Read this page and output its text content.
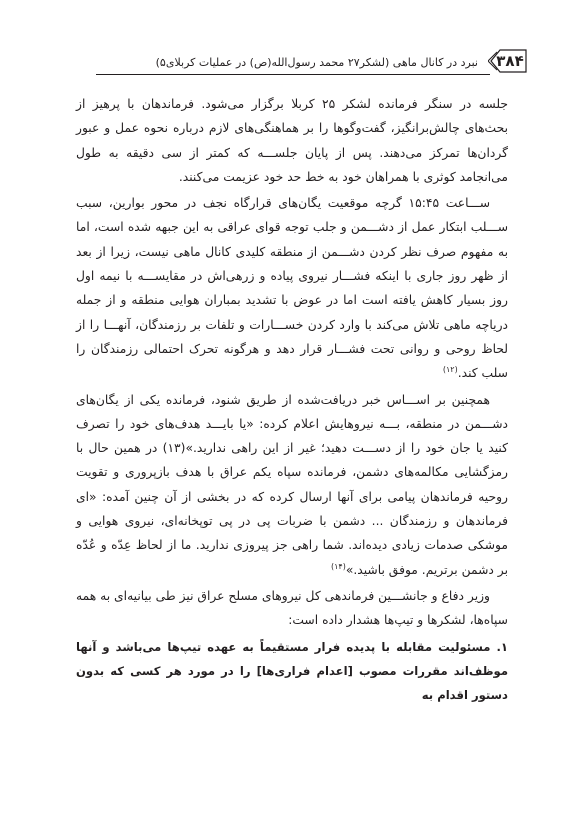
نبرد در کانال ماهی (لشکر۲۷ محمد رسول‌الله(ص) در عملیات کربلای۵)	۳۸۴

جلسه در سنگر فرمانده لشکر ۲۵ کربلا برگزار می‌شود. فرماندهان با پرهیز از بحث‌های چالش‌برانگیز، گفت‌وگوها را بر هماهنگی‌های لازم درباره نحوه عمل و عبور گردان‌ها تمرکز می‌دهند. پس از پایان جلســـه که کمتر از سی دقیقه به طول می‌انجامد کوثری با همراهان خود به خط حد خود عزیمت می‌کنند.

ســـاعت ۱۵:۴۵ گرچه موقعیت یگان‌های قرارگاه نجف در محور بوارین، سبب ســـلب ابتکار عمل از دشـــمن و جلب توجه قوای عراقی به این جبهه شده است، اما به مفهوم صرف نظر کردن دشـــمن از منطقه کلیدی کانال ماهی نیست، زیرا از بعد از ظهر روز جاری با اینکه فشـــار نیروی پیاده و زرهی‌اش در مقایســـه با نیمه اول روز بسیار کاهش یافته است اما در عوض با تشدید بمباران هوایی منطقه و از جمله دریاچه ماهی تلاش می‌کند با وارد کردن خســـارات و تلفات بر رزمندگان، آنهـــا را از لحاظ روحی و روانی تحت فشـــار قرار دهد و هرگونه تحرک احتمالی رزمندگان را سلب کند.$^{(۱۲)}$

همچنین بر اســـاس خبر دریافت‌شده از طریق شنود، فرمانده یکی از یگان‌های دشـــمن در منطقه، بـــه نیروهایش اعلام کرده: «یا بایـــد هدف‌های خود را تصرف کنید یا جان خود را از دســـت دهید؛ غیر از این راهی ندارید.»(۱۳) در همین حال با رمزگشایی مکالمه‌های دشمن، فرمانده سپاه یکم عراق با هدف بازپروری و تقویت روحیه فرماندهان پیامی برای آنها ارسال کرده که در بخشی از آن چنین آمده: «ای فرماندهان و رزمندگان ... دشمن با ضربات پی در پی توپخانه‌ای، نیروی هوایی و موشکی صدمات زیادی دیده‌اند. شما راهی جز پیروزی ندارید. ما از لحاظ عِدّه و عُدّه بر دشمن برتریم. موفق باشید.»$^{(۱۴)}$

وزیر دفاع و جانشـــین فرماندهی کل نیروهای مسلح عراق نیز طی بیانیه‌ای به همه سپاه‌ها، لشکرها و تیپ‌ها هشدار داده است:

۱. مسئولیت مقابله با پدیده فرار مستقیماً به عهده تیپ‌ها می‌باشد و آنها موظف‌اند مقررات مصوب [اعدام فراری‌ها] را در مورد هر کسی که بدون دستور اقدام به
